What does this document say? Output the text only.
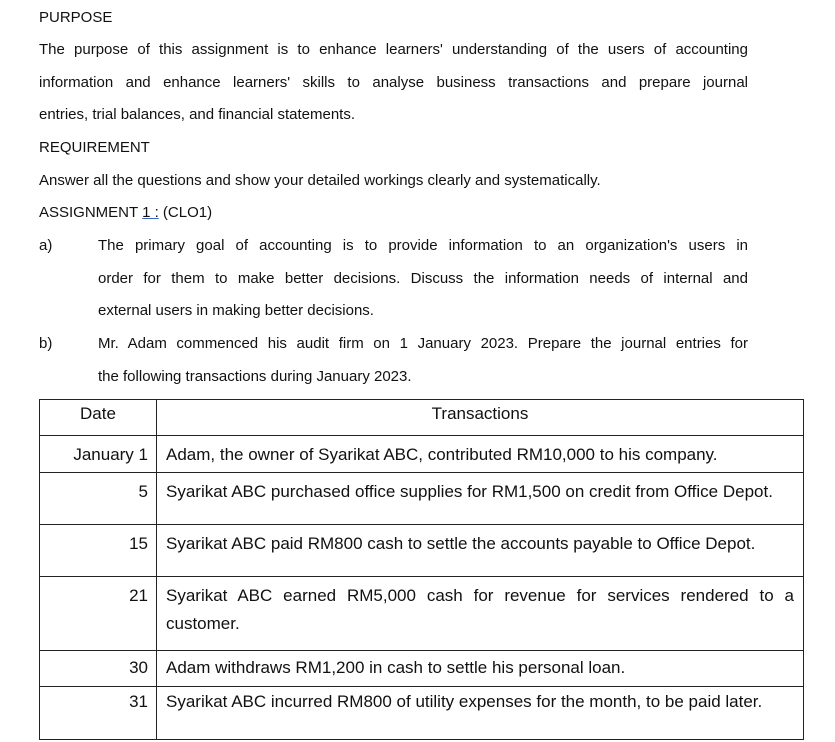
PURPOSE
The purpose of this assignment is to enhance learners' understanding of the users of accounting
information and enhance learners' skills to analyse business transactions and prepare journal
entries, trial balances, and financial statements.
REQUIREMENT
Answer all the questions and show your detailed workings clearly and systematically.
ASSIGNMENT 1 : (CLO1)
a)	The primary goal of accounting is to provide information to an organization's users in
order for them to make better decisions. Discuss the information needs of internal and
external users in making better decisions.
b)	Mr. Adam commenced his audit firm on 1 January 2023. Prepare the journal entries for
the following transactions during January 2023.
Date	Transactions

January 1	Adam, the owner of Syarikat ABC, contributed RM10,000 to his company.

5	Syarikat ABC purchased office supplies for RM1,500 on credit from Office Depot.

15	Syarikat ABC paid RM800 cash to settle the accounts payable to Office Depot.

21	Syarikat ABC earned RM5,000 cash for revenue for services rendered to a
customer.

30	Adam withdraws RM1,200 in cash to settle his personal loan.

31	Syarikat ABC incurred RM800 of utility expenses for the month, to be paid later.
